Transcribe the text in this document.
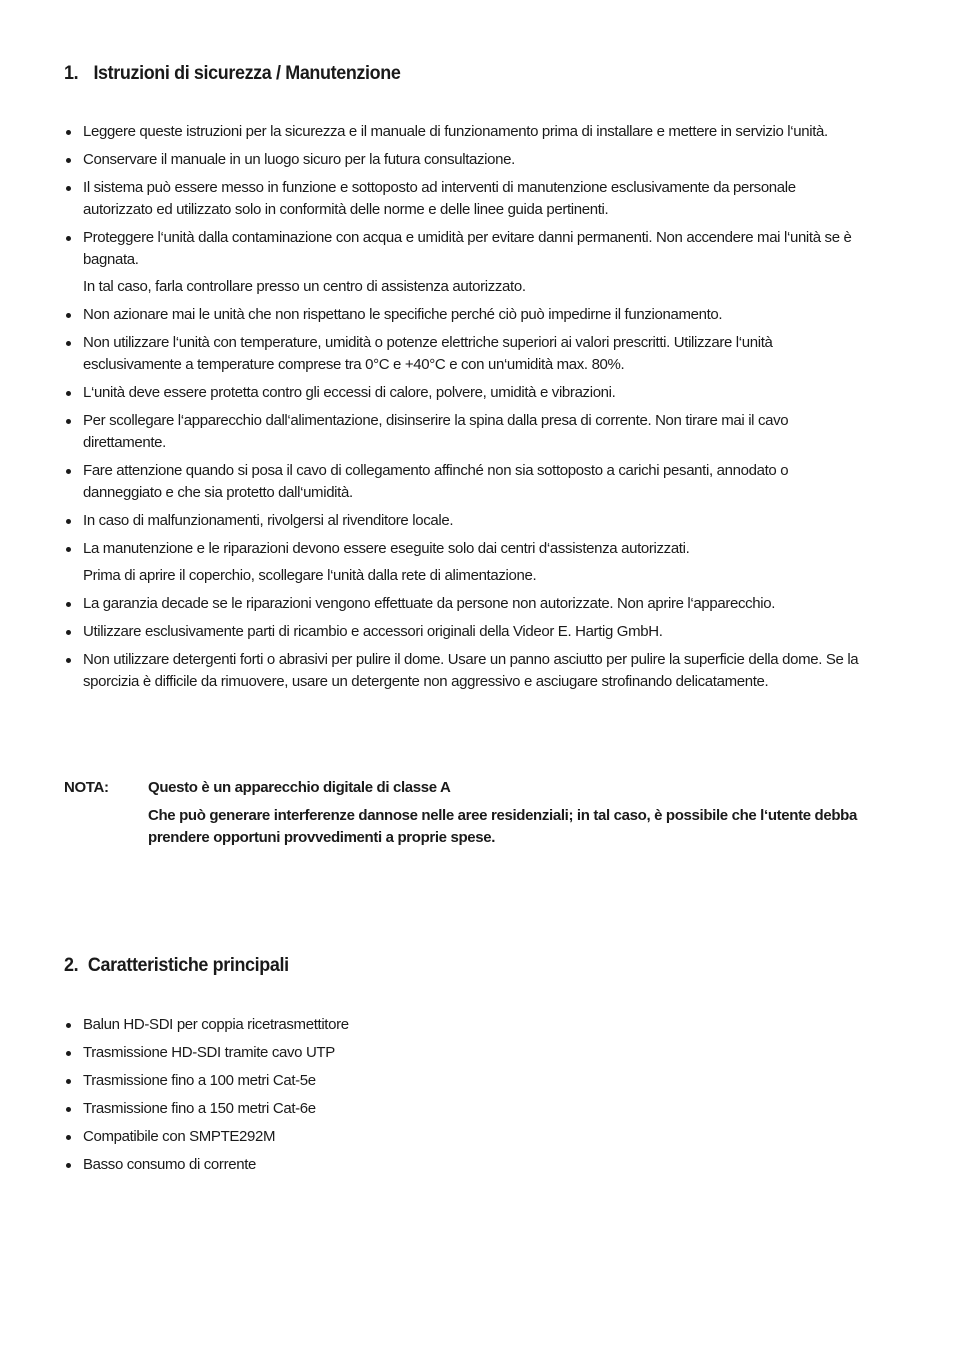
1. Istruzioni di sicurezza / Manutenzione
Leggere queste istruzioni per la sicurezza e il manuale di funzionamento prima di installare e mettere in servizio l‘unità.
Conservare il manuale in un luogo sicuro per la futura consultazione.
Il sistema può essere messo in funzione e sottoposto ad interventi di manutenzione esclusivamente da personale autorizzato ed utilizzato solo in conformità delle norme e delle linee guida pertinenti.
Proteggere l‘unità dalla contaminazione con acqua e umidità per evitare danni permanenti. Non accendere mai l‘unità se è bagnata.
In tal caso, farla controllare presso un centro di assistenza autorizzato.
Non azionare mai le unità che non rispettano le specifiche perché ciò può impedirne il funzionamento.
Non utilizzare l‘unità con temperature, umidità o potenze elettriche superiori ai valori prescritti. Utilizzare l‘unità esclusivamente a temperature comprese tra 0°C e +40°C e con un‘umidità max. 80%.
L‘unità deve essere protetta contro gli eccessi di calore, polvere, umidità e vibrazioni.
Per scollegare l‘apparecchio dall‘alimentazione, disinserire la spina dalla presa di corrente. Non tirare mai il cavo direttamente.
Fare attenzione quando si posa il cavo di collegamento affinché non sia sottoposto a carichi pesanti, annodato o danneggiato e che sia protetto dall‘umidità.
In caso di malfunzionamenti, rivolgersi al rivenditore locale.
La manutenzione e le riparazioni devono essere eseguite solo dai centri d‘assistenza autorizzati.
Prima di aprire il coperchio, scollegare l‘unità dalla rete di alimentazione.
La garanzia decade se le riparazioni vengono effettuate da persone non autorizzate. Non aprire l‘apparecchio.
Utilizzare esclusivamente parti di ricambio e accessori originali della Videor E. Hartig GmbH.
Non utilizzare detergenti forti o abrasivi per pulire il dome. Usare un panno asciutto per pulire la superficie della dome. Se la sporcizia è difficile da rimuovere, usare un detergente non aggressivo e asciugare strofinando delicatamente.
NOTA:	Questo è un apparecchio digitale di classe A

Che può generare interferenze dannose nelle aree residenziali; in tal caso, è possibile che l‘utente debba prendere opportuni provvedimenti a proprie spese.

2. Caratteristiche principali
Balun HD-SDI per coppia ricetrasmettitore
Trasmissione HD-SDI tramite cavo UTP
Trasmissione fino a 100 metri Cat-5e
Trasmissione fino a 150 metri Cat-6e
Compatibile con SMPTE292M
Basso consumo di corrente
